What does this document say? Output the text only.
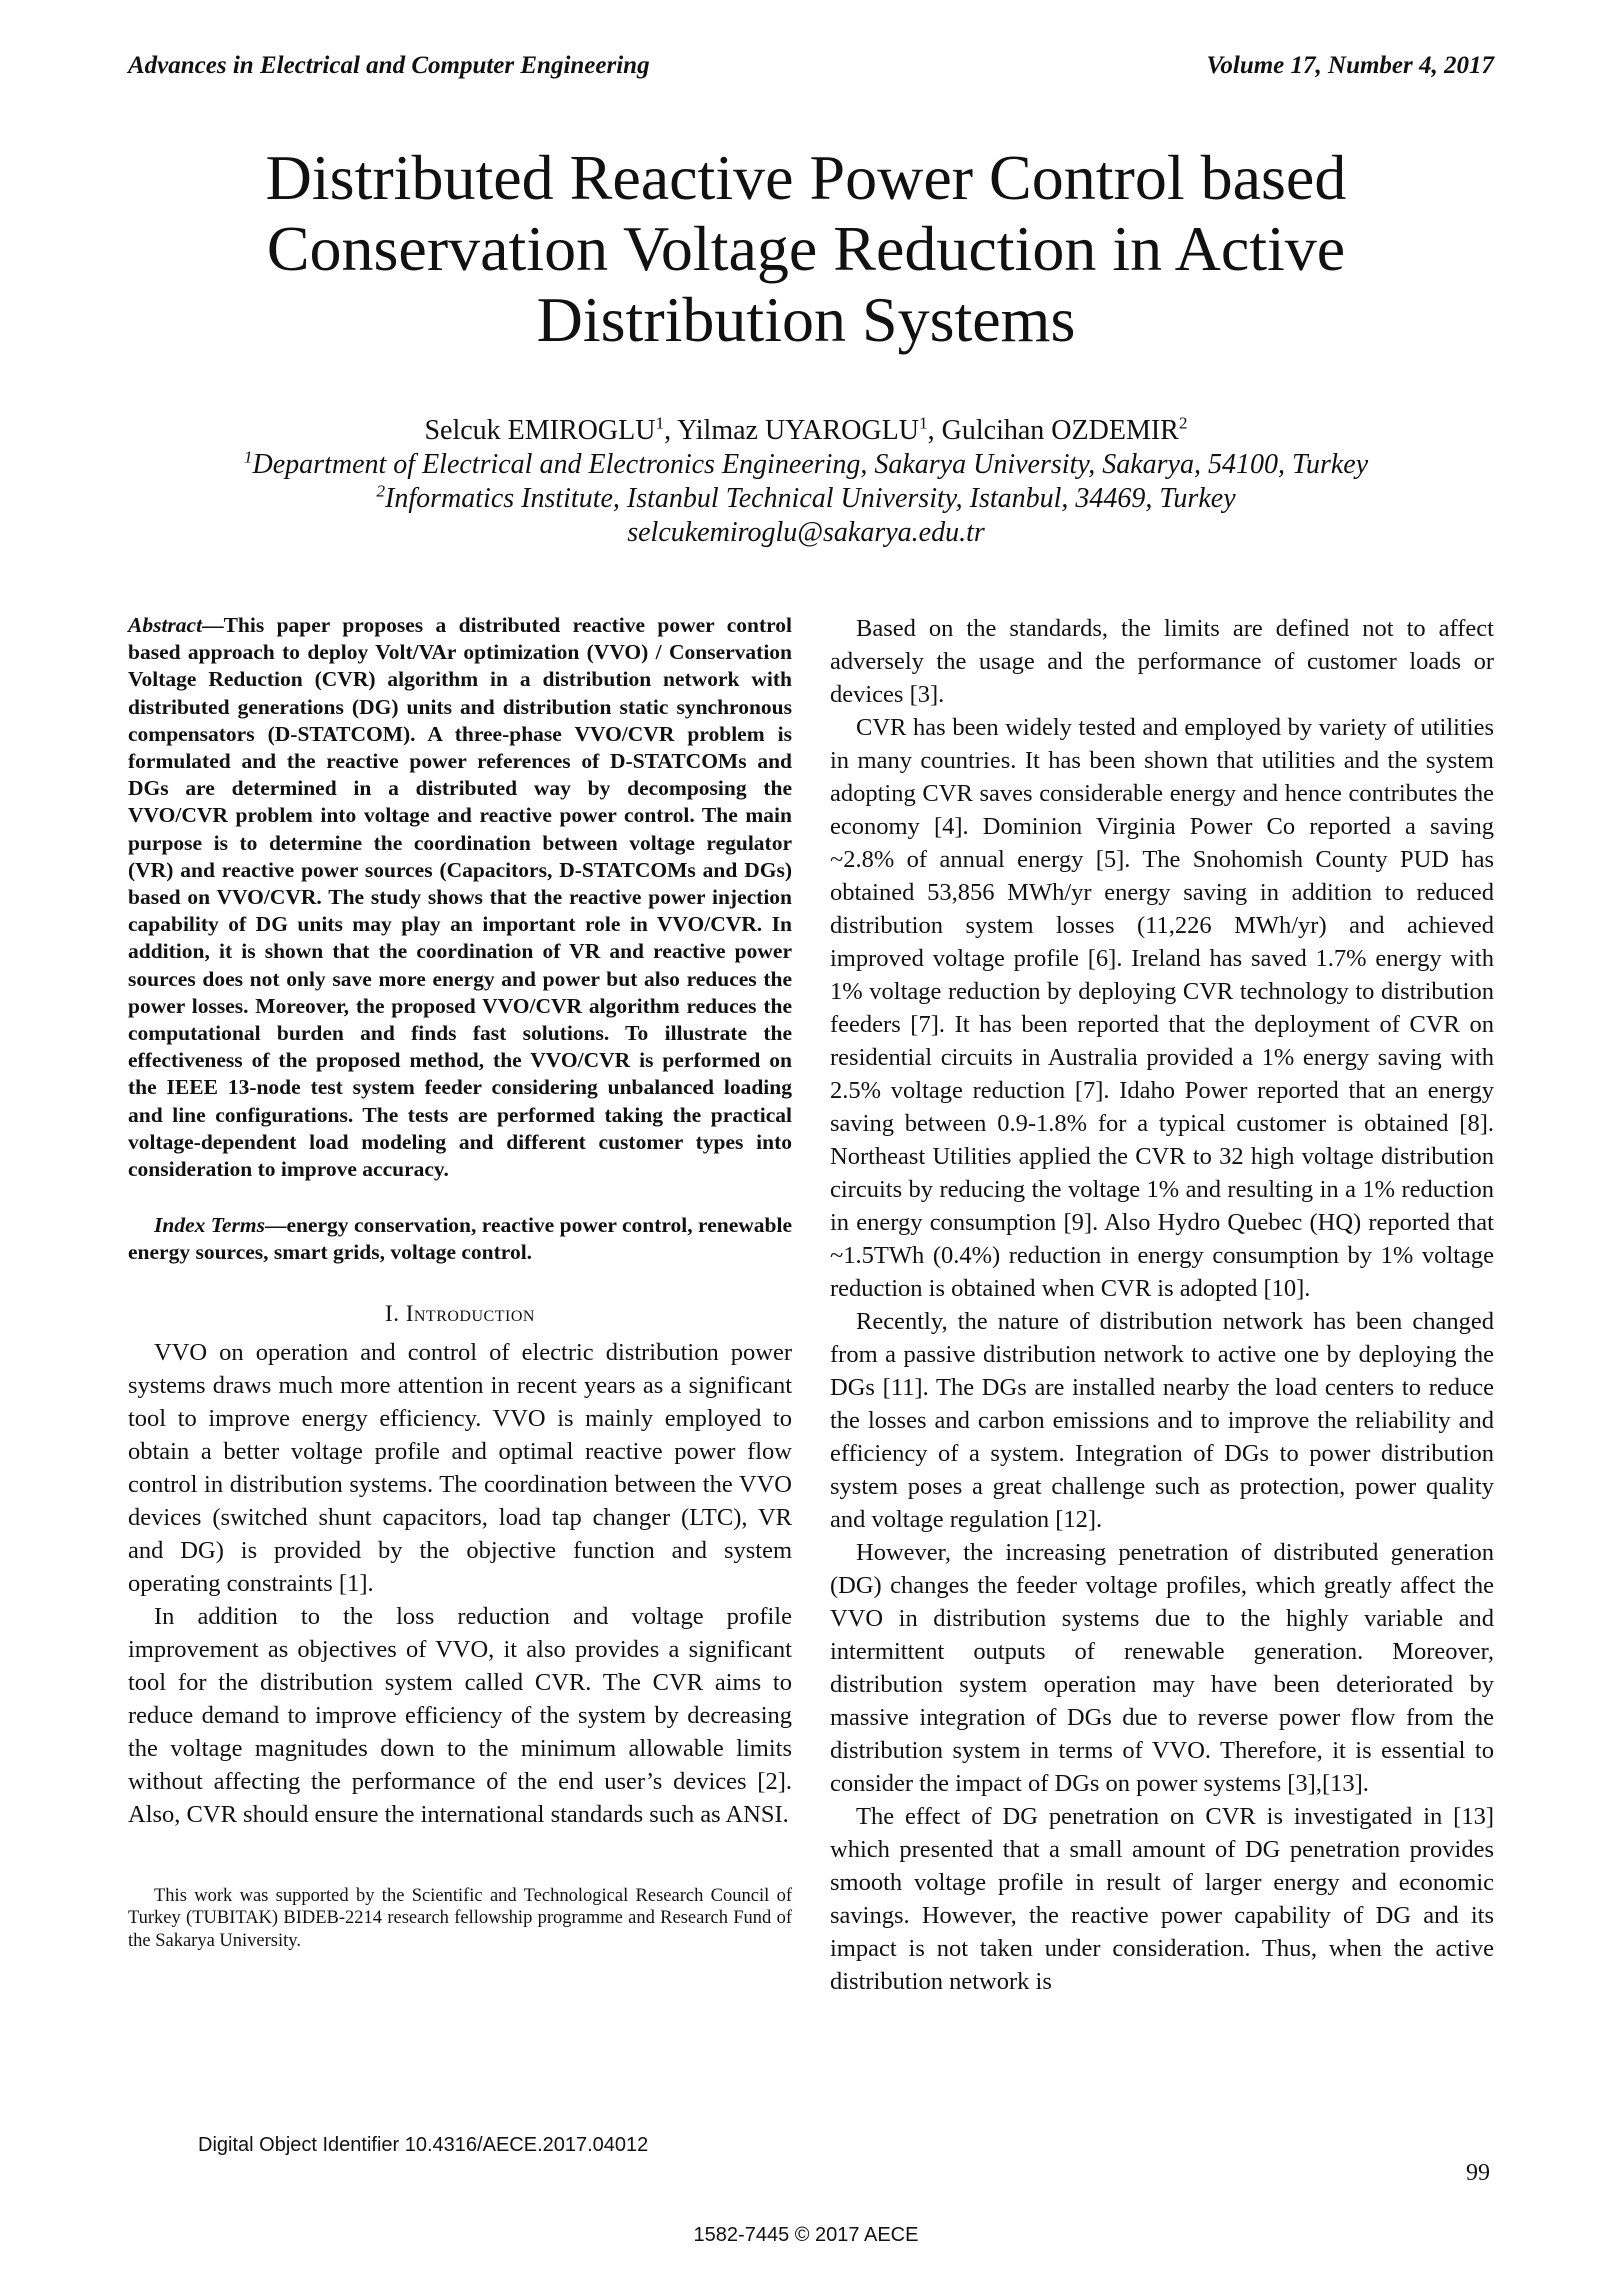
Advances in Electrical and Computer Engineering	Volume 17, Number 4, 2017
Distributed Reactive Power Control based
Conservation Voltage Reduction in Active
Distribution Systems
Selcuk EMIROGLU$^1$, Yilmaz UYAROGLU$^1$, Gulcihan OZDEMIR$^2$
$^1$Department of Electrical and Electronics Engineering, Sakarya University, Sakarya, 54100, Turkey
$^2$Informatics Institute, Istanbul Technical University, Istanbul, 34469, Turkey
selcukemiroglu@sakarya.edu.tr

Abstract—This paper proposes a distributed reactive power control based approach to deploy Volt/VAr optimization (VVO) / Conservation Voltage Reduction (CVR) algorithm in a distribution network with distributed generations (DG) units and distribution static synchronous compensators (D-STATCOM). A three-phase VVO/CVR problem is formulated and the reactive power references of D-STATCOMs and DGs are determined in a distributed way by decomposing the VVO/CVR problem into voltage and reactive power control. The main purpose is to determine the coordination between voltage regulator (VR) and reactive power sources (Capacitors, D-STATCOMs and DGs) based on VVO/CVR. The study shows that the reactive power injection capability of DG units may play an important role in VVO/CVR. In addition, it is shown that the coordination of VR and reactive power sources does not only save more energy and power but also reduces the power losses. Moreover, the proposed VVO/CVR algorithm reduces the computational burden and finds fast solutions. To illustrate the effectiveness of the proposed method, the VVO/CVR is performed on the IEEE 13-node test system feeder considering unbalanced loading and line configurations. The tests are performed taking the practical voltage-dependent load modeling and different customer types into consideration to improve accuracy.

Index Terms—energy conservation, reactive power control, renewable energy sources, smart grids, voltage control.

I. Introduction

VVO on operation and control of electric distribution power systems draws much more attention in recent years as a significant tool to improve energy efficiency. VVO is mainly employed to obtain a better voltage profile and optimal reactive power flow control in distribution systems. The coordination between the VVO devices (switched shunt capacitors, load tap changer (LTC), VR and DG) is provided by the objective function and system operating constraints [1].

In addition to the loss reduction and voltage profile improvement as objectives of VVO, it also provides a significant tool for the distribution system called CVR. The CVR aims to reduce demand to improve efficiency of the system by decreasing the voltage magnitudes down to the minimum allowable limits without affecting the performance of the end user’s devices [2]. Also, CVR should ensure the international standards such as ANSI.

This work was supported by the Scientific and Technological Research Council of Turkey (TUBITAK) BIDEB-2214 research fellowship programme and Research Fund of the Sakarya University.

Based on the standards, the limits are defined not to affect adversely the usage and the performance of customer loads or devices [3].

CVR has been widely tested and employed by variety of utilities in many countries. It has been shown that utilities and the system adopting CVR saves considerable energy and hence contributes the economy [4]. Dominion Virginia Power Co reported a saving ~2.8% of annual energy [5]. The Snohomish County PUD has obtained 53,856 MWh/yr energy saving in addition to reduced distribution system losses (11,226 MWh/yr) and achieved improved voltage profile [6]. Ireland has saved 1.7% energy with 1% voltage reduction by deploying CVR technology to distribution feeders [7]. It has been reported that the deployment of CVR on residential circuits in Australia provided a 1% energy saving with 2.5% voltage reduction [7]. Idaho Power reported that an energy saving between 0.9-1.8% for a typical customer is obtained [8]. Northeast Utilities applied the CVR to 32 high voltage distribution circuits by reducing the voltage 1% and resulting in a 1% reduction in energy consumption [9]. Also Hydro Quebec (HQ) reported that ~1.5TWh (0.4%) reduction in energy consumption by 1% voltage reduction is obtained when CVR is adopted [10].

Recently, the nature of distribution network has been changed from a passive distribution network to active one by deploying the DGs [11]. The DGs are installed nearby the load centers to reduce the losses and carbon emissions and to improve the reliability and efficiency of a system. Integration of DGs to power distribution system poses a great challenge such as protection, power quality and voltage regulation [12].

However, the increasing penetration of distributed generation (DG) changes the feeder voltage profiles, which greatly affect the VVO in distribution systems due to the highly variable and intermittent outputs of renewable generation. Moreover, distribution system operation may have been deteriorated by massive integration of DGs due to reverse power flow from the distribution system in terms of VVO. Therefore, it is essential to consider the impact of DGs on power systems [3],[13].

The effect of DG penetration on CVR is investigated in [13] which presented that a small amount of DG penetration provides smooth voltage profile in result of larger energy and economic savings. However, the reactive power capability of DG and its impact is not taken under consideration. Thus, when the active distribution network is

Digital Object Identifier 10.4316/AECE.2017.04012
99
1582-7445 © 2017 AECE
